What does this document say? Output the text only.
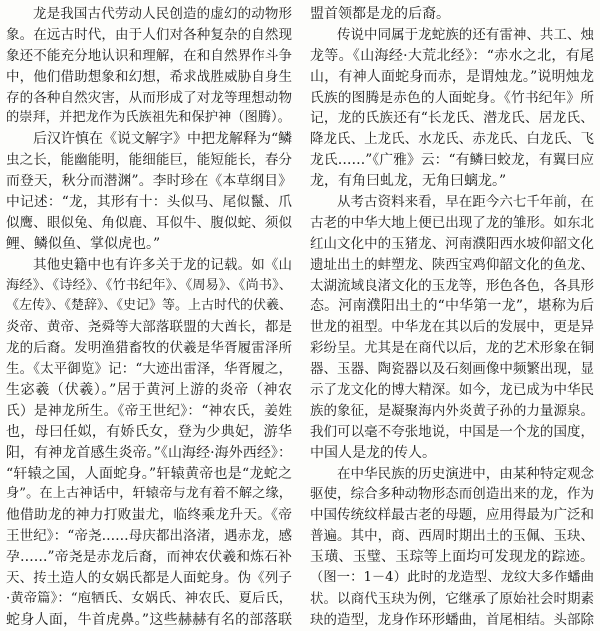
龙是我国古代劳动人民创造的虚幻的动物形
象。在远古时代，由于人们对各种复杂的自然现
象还不能充分地认识和理解，在和自然界作斗争
中，他们借助想象和幻想，希求战胜威胁自身生
存的各种自然灾害，从而形成了对龙等理想动物
的崇拜，并把龙作为氏族祖先和保护神（图腾）。
后汉许慎在《说文解字》中把龙解释为“鳞
虫之长，能幽能明，能细能巨，能短能长，春分
而登天，秋分而潜渊”。李时珍在《本草纲目》
中记述：“龙，其形有十：头似马、尾似鬣、爪
似鹰、眼似兔、角似鹿、耳似牛、腹似蛇、须似
鲤、鳞似鱼、掌似虎也。”
其他史籍中也有许多关于龙的记载。如《山
海经》、《诗经》、《竹书纪年》、《周易》、《尚书》、
《左传》、《楚辞》、《史记》等。上古时代的伏羲、
炎帝、黄帝、尧舜等大部落联盟的大酋长，都是
龙的后裔。发明渔猎畜牧的伏羲是华胥履雷泽所
生。《太平御览》记：“大迹出雷泽，华胥履之，
生宓羲（伏羲）。”居于黄河上游的炎帝（神农
氏）是神龙所生。《帝王世纪》：“神农氏，姜姓
也，母曰任姒，有娇氏女，登为少典妃，游华
阳，有神龙首感生炎帝。”《山海经·海外西经》：
“轩辕之国，人面蛇身。”轩辕黄帝也是“龙蛇之
身”。在上古神话中，轩辕帝与龙有着不解之缘，
他借助龙的神力打败蚩尤，临终乘龙升天。《帝
王世纪》：“帝尧……母庆都出洛渚，遇赤龙，感
孕……”帝尧是赤龙后裔，而神农伏羲和炼石补
天、抟土造人的女娲氏都是人面蛇身。伪《列子
·黄帝篇》：“庖牺氏、女娲氏、神农氏、夏后氏，
蛇身人面，牛首虎鼻。”这些赫赫有名的部落联
盟首领都是龙的后裔。
传说中同属于龙蛇族的还有雷神、共工、烛
龙等。《山海经·大荒北经》：“赤水之北，有尾
山，有神人面蛇身而赤，是谓烛龙。”说明烛龙
氏族的图腾是赤色的人面蛇身。《竹书纪年》所
记，龙的氏族还有“长龙氏、潜龙氏、居龙氏、
降龙氏、上龙氏、水龙氏、赤龙氏、白龙氏、飞
龙氏……”《广雅》云：“有鳞曰蛟龙，有翼曰应
龙，有角曰虬龙，无角曰螭龙。”
从考古资料来看，早在距今六七千年前，在
古老的中华大地上便已出现了龙的雏形。如东北
红山文化中的玉猪龙、河南濮阳西水坡仰韶文化
遗址出土的蚌塑龙、陕西宝鸡仰韶文化的鱼龙、
太湖流域良渚文化的玉龙等，形色各色，各具形
态。河南濮阳出土的“中华第一龙”，堪称为后
世龙的祖型。中华龙在其以后的发展中，更是异
彩纷呈。尤其是在商代以后，龙的艺术形象在铜
器、玉器、陶瓷器以及石刻画像中频繁出现，显
示了龙文化的博大精深。如今，龙已成为中华民
族的象征，是凝聚海内外炎黄子孙的力量源泉。
我们可以毫不夸张地说，中国是一个龙的国度，
中国人是龙的传人。
在中华民族的历史演进中，由某种特定观念
驱使，综合多种动物形态而创造出来的龙，作为
中国传统纹样最古老的母题，应用得最为广泛和
普遍。其中，商、西周时期出土的玉佩、玉玦、
玉璜、玉璧、玉琮等上面均可发现龙的踪迹。
（图一：1－4）此时的龙造型、龙纹大多作蟠曲
状。以商代玉玦为例，它继承了原始社会时期素
玦的造型，龙身作环形蟠曲，首尾相结。头部除
